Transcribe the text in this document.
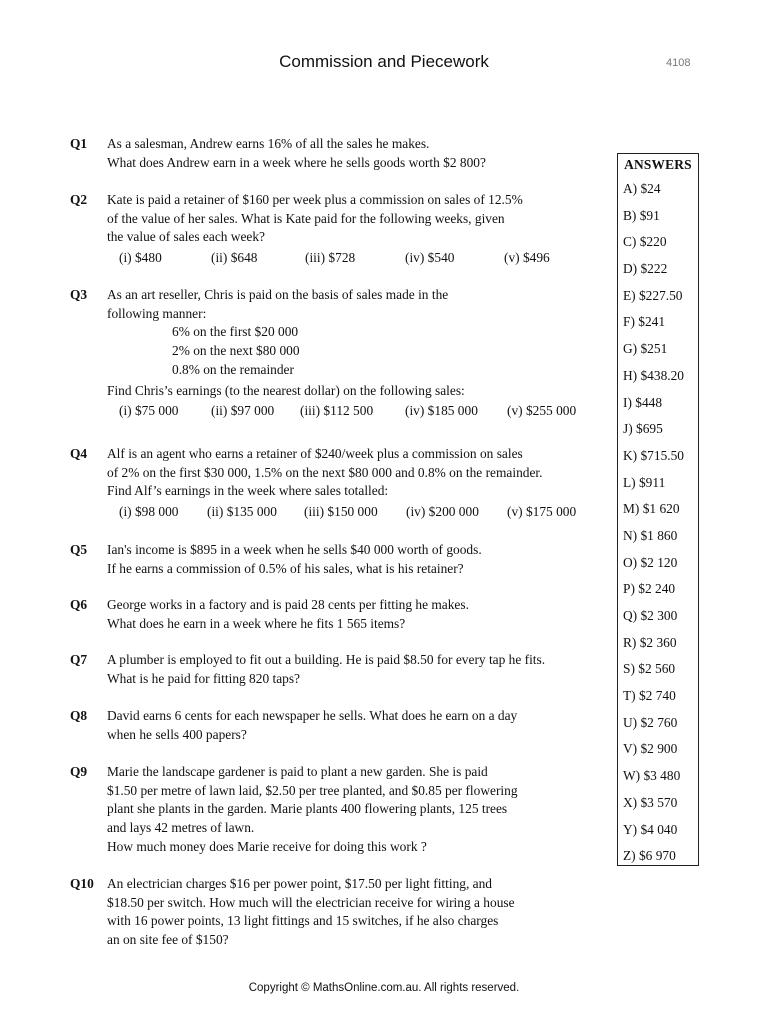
Commission and Piecework	4108
Q1 As a salesman, Andrew earns 16% of all the sales he makes.
What does Andrew earn in a week where he sells goods worth $2 800?
Q2 Kate is paid a retainer of $160 per week plus a commission on sales of 12.5%
of the value of her sales. What is Kate paid for the following weeks, given
the value of sales each week?
(i) $480	(ii) $648	(iii) $728	(iv) $540	(v) $496
Q3 As an art reseller, Chris is paid on the basis of sales made in the
following manner:
6% on the first $20 000
2% on the next $80 000
0.8% on the remainder
Find Chris’s earnings (to the nearest dollar) on the following sales:
(i) $75 000 (ii) $97 000 (iii) $112 500 (iv) $185 000 (v) $255 000
Q4 Alf is an agent who earns a retainer of $240/week plus a commission on sales
of 2% on the first $30 000, 1.5% on the next $80 000 and 0.8% on the remainder.
Find Alf’s earnings in the week where sales totalled:
(i) $98 000 (ii) $135 000 (iii) $150 000 (iv) $200 000 (v) $175 000
Q5 Ian's income is $895 in a week when he sells $40 000 worth of goods.
If he earns a commission of 0.5% of his sales, what is his retainer?
Q6 George works in a factory and is paid 28 cents per fitting he makes.
What does he earn in a week where he fits 1 565 items?
Q7 A plumber is employed to fit out a building. He is paid $8.50 for every tap he fits.
What is he paid for fitting 820 taps?
Q8 David earns 6 cents for each newspaper he sells. What does he earn on a day
when he sells 400 papers?
Q9 Marie the landscape gardener is paid to plant a new garden. She is paid
$1.50 per metre of lawn laid, $2.50 per tree planted, and $0.85 per flowering
plant she plants in the garden. Marie plants 400 flowering plants, 125 trees
and lays 42 metres of lawn.
How much money does Marie receive for doing this work ?
Q10 An electrician charges $16 per power point, $17.50 per light fitting, and
$18.50 per switch. How much will the electrician receive for wiring a house
with 16 power points, 13 light fittings and 15 switches, if he also charges
an on site fee of $150?
ANSWERS
A) $24
B) $91
C) $220
D) $222
E) $227.50
F) $241
G) $251
H) $438.20
I) $448
J) $695
K) $715.50
L) $911
M) $1 620
N) $1 860
O) $2 120
P) $2 240
Q) $2 300
R) $2 360
S) $2 560
T) $2 740
U) $2 760
V) $2 900
W) $3 480
X) $3 570
Y) $4 040
Z) $6 970
Copyright © MathsOnline.com.au. All rights reserved.
